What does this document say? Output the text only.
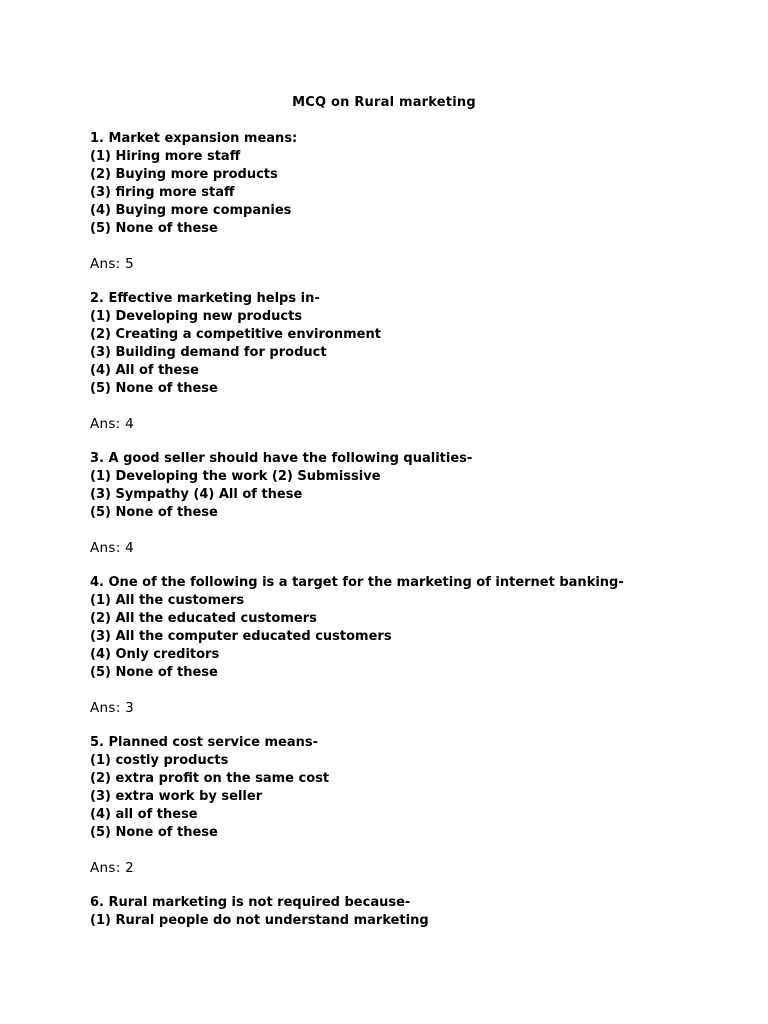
MCQ on Rural marketing

1. Market expansion means:

(1) Hiring more staff

(2) Buying more products

(3) firing more staff

(4) Buying more companies

(5) None of these

Ans: 5

2. Effective marketing helps in-

(1) Developing new products

(2) Creating a competitive environment

(3) Building demand for product

(4) All of these

(5) None of these

Ans: 4

3. A good seller should have the following qualities-

(1) Developing the work (2) Submissive

(3) Sympathy (4) All of these

(5) None of these

Ans: 4

4. One of the following is a target for the marketing of internet banking-

(1) All the customers

(2) All the educated customers

(3) All the computer educated customers

(4) Only creditors

(5) None of these

Ans: 3

5. Planned cost service means-

(1) costly products

(2) extra profit on the same cost

(3) extra work by seller

(4) all of these

(5) None of these

Ans: 2

6. Rural marketing is not required because-

(1) Rural people do not understand marketing
